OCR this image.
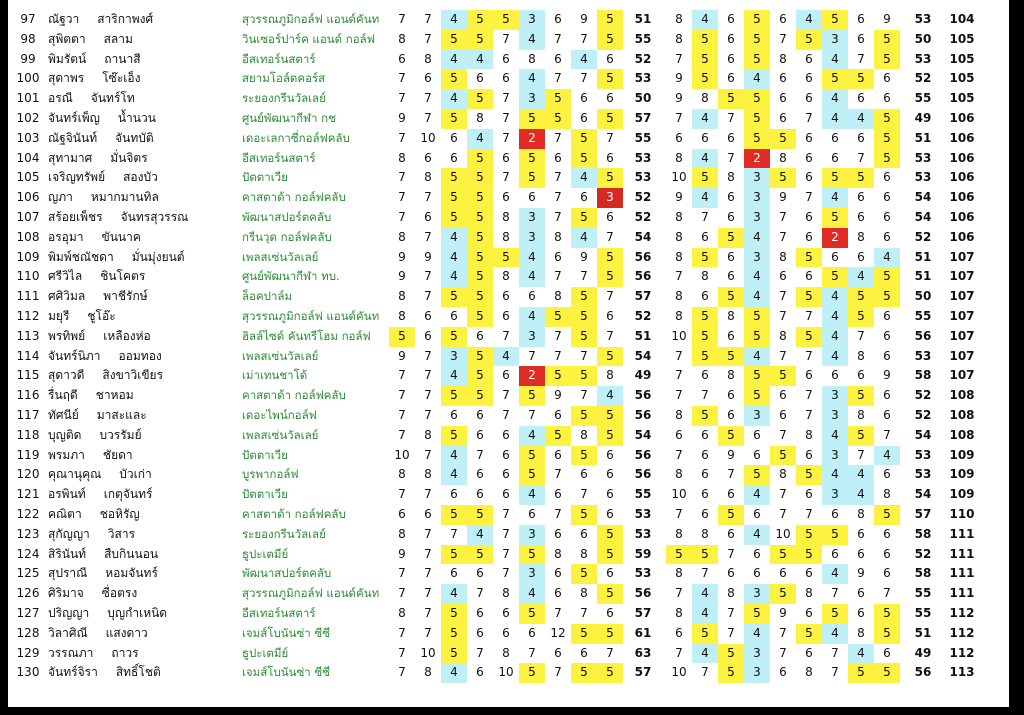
97	ณัฐวา สาริกาพงศ์	สุวรรณภูมิกอล์ฟ แอนด์คันท	7	7	4	5	5	3	6	9	5	51	8	4	6	5	6	4	5	6	9	53	104
98	สุพิตตา สลาม	วินเซอร์ปาร์ค แอนด์ กอล์ฟ	8	7	5	5	7	4	7	7	5	55	8	5	6	5	7	5	3	6	5	50	105
99	พิมรัตน์ ถานาสี	อีสเทอร์นสตาร์	6	8	4	4	6	8	6	4	6	52	7	5	6	5	8	6	4	7	5	53	105
100 สุดาพร โซ๊ะเอ็ง	สยามโอล์ดคอร์ส	7	6	5	6	6	4	7	7	5	53	9	5	6	4	6	6	5	5	6	52	105
101 อรณี จันทร์โท	ระยองกรีนวัลเลย์	7	7	4	5	7	3	5	6	6	50	9	8	5	5	6	6	4	6	6	55	105
102 จันทร์เพ็ญ น้ำนวน	ศูนย์พัฒนากีฬา กช	9	7	5	8	7	5	5	6	5	57	7	4	7	5	6	7	4	4	5	49	106
103 ณัฐจินันท์ จันทบัติ	เดอะเลกาซี่กอล์ฟคลับ	7	10	6	4	7	2	7	5	7	55	6	6	6	5	5	6	6	6	5	51	106
104 สุทามาศ มั่นจิตร	อีสเทอร์นสตาร์	8	6	6	5	6	5	6	5	6	53	8	4	7	2	8	6	6	7	5	53	106
105 เจริญทรัพย์ สองบัว	ปัตตาเวีย	7	8	5	5	7	5	7	4	5	53	10	5	8	3	5	6	5	5	6	53	106
106 ญภา หมากมานทิล	คาสตาด้า กอล์ฟคลับ	7	7	5	5	6	6	7	6	3	52	9	4	6	3	9	7	4	6	6	54	106
107 สร้อยเพ็ชร จันทรสุวรรณ	พัฒนาสปอร์ตคลับ	7	6	5	5	8	3	7	5	6	52	8	7	6	3	7	6	5	6	6	54	106
108 อรอุมา ขันนาค	กรีนวุด กอล์ฟคลับ	8	7	4	5	8	3	8	4	7	54	8	6	5	4	7	6	2	8	6	52	106
109 พิมพ์ชณัชดา มั่นมุ่งยนต์	เพลสเซ่นวัลเลย์	9	9	4	5	5	4	6	9	5	56	8	5	6	3	8	5	6	6	4	51	107
110 ศรีวิไล ชินโคตร	ศูนย์พัฒนากีฬา ทบ.	9	7	4	5	8	4	7	7	5	56	7	8	6	4	6	6	5	4	5	51	107
111 ศศิวิมล พาชีรักษ์	ล็อคปาล์ม	8	7	5	5	6	6	8	5	7	57	8	6	5	4	7	5	4	5	5	50	107
112 มยุรี ชูโอ๊ะ	สุวรรณภูมิกอล์ฟ แอนด์คันท	8	6	6	5	6	4	5	5	6	52	8	5	8	5	7	7	4	5	6	55	107
113 พรทิพย์ เหลืองห่อ	ฮิลล์ไซด์ คันทรีโฮม กอล์ฟ	5	6	5	6	7	3	7	5	7	51	10	5	6	5	8	5	4	7	6	56	107
114 จันทร์นิภา ออมทอง	เพลสเซ่นวัลเลย์	9	7	3	5	4	7	7	7	5	54	7	5	5	4	7	7	4	8	6	53	107
115 สุดาวดี สิงขาวิเขียร	เม่าเทนชาโด้	7	7	4	5	6	2	5	5	8	49	7	6	8	5	5	6	6	6	9	58	107
116 รื่นฤดี ชาหอม	คาสตาด้า กอล์ฟคลับ	7	7	5	5	7	5	9	7	4	56	7	7	6	5	6	7	3	5	6	52	108
117 ทัศนีย์ มาสะและ	เดอะไพน์กอล์ฟ	7	7	6	6	7	7	6	5	5	56	8	5	6	3	6	7	3	8	6	52	108
118 บุญติด บวรรัมย์	เพลสเซ่นวัลเลย์	7	8	5	6	6	4	5	8	5	54	6	6	5	6	7	8	4	5	7	54	108
119 พรมภา ชัยดา	ปัตตาเวีย	10	7	4	7	6	5	6	5	6	56	7	6	9	6	5	6	3	7	4	53	109
120 คุณานุคุณ บัวเก่า	บูรพากอล์ฟ	8	8	4	6	6	5	7	6	6	56	8	6	7	5	8	5	4	4	6	53	109
121 อรพินท์ เกตุจันทร์	ปัตตาเวีย	7	7	6	6	6	4	6	7	6	55	10	6	6	4	7	6	3	4	8	54	109
122 คณิตา ชอหิรัญ	คาสตาด้า กอล์ฟคลับ	6	6	5	5	7	6	7	5	6	53	7	6	5	6	7	7	6	8	5	57	110
123 สุกัญญา วิสาร	ระยองกรีนวัลเลย์	8	7	7	4	7	3	6	6	5	53	8	8	6	4	10	5	5	6	6	58	111
124 สิรินันท์ สืบกินนอน	ธูปะเตมีย์	9	7	5	5	7	5	8	8	5	59	5	5	7	6	5	5	6	6	6	52	111
125 สุปราณี หอมจันทร์	พัฒนาสปอร์ตคลับ	7	7	6	6	7	3	6	5	6	53	8	7	6	6	6	6	4	9	6	58	111
126 ศิริมาจ ซื่อตรง	สุวรรณภูมิกอล์ฟ แอนด์คันท	7	7	4	7	8	4	6	8	5	56	7	4	8	3	5	8	7	6	7	55	111
127 ปริญญา บุญกำเหนิด	อีสเทอร์นสตาร์	8	7	5	6	6	5	7	7	6	57	8	4	7	5	9	6	5	6	5	55	112
128 วิลาศิณี แสงดาว	เจมส์โบนันซ่า ซีซี	7	7	5	6	6	6	12	5	5	61	6	5	7	4	7	5	4	8	5	51	112
129 วรรณภา ถาวร	ธูปะเตมีย์	7	10	5	7	8	7	6	6	7	63	7	4	5	3	7	6	7	4	6	49	112
130 จันทร์จิรา สิทธิ์โชติ	เจมส์โบนันซ่า ซีซี	7	8	4	6	10	5	7	5	5	57	10	7	5	3	6	8	7	5	5	56	113
